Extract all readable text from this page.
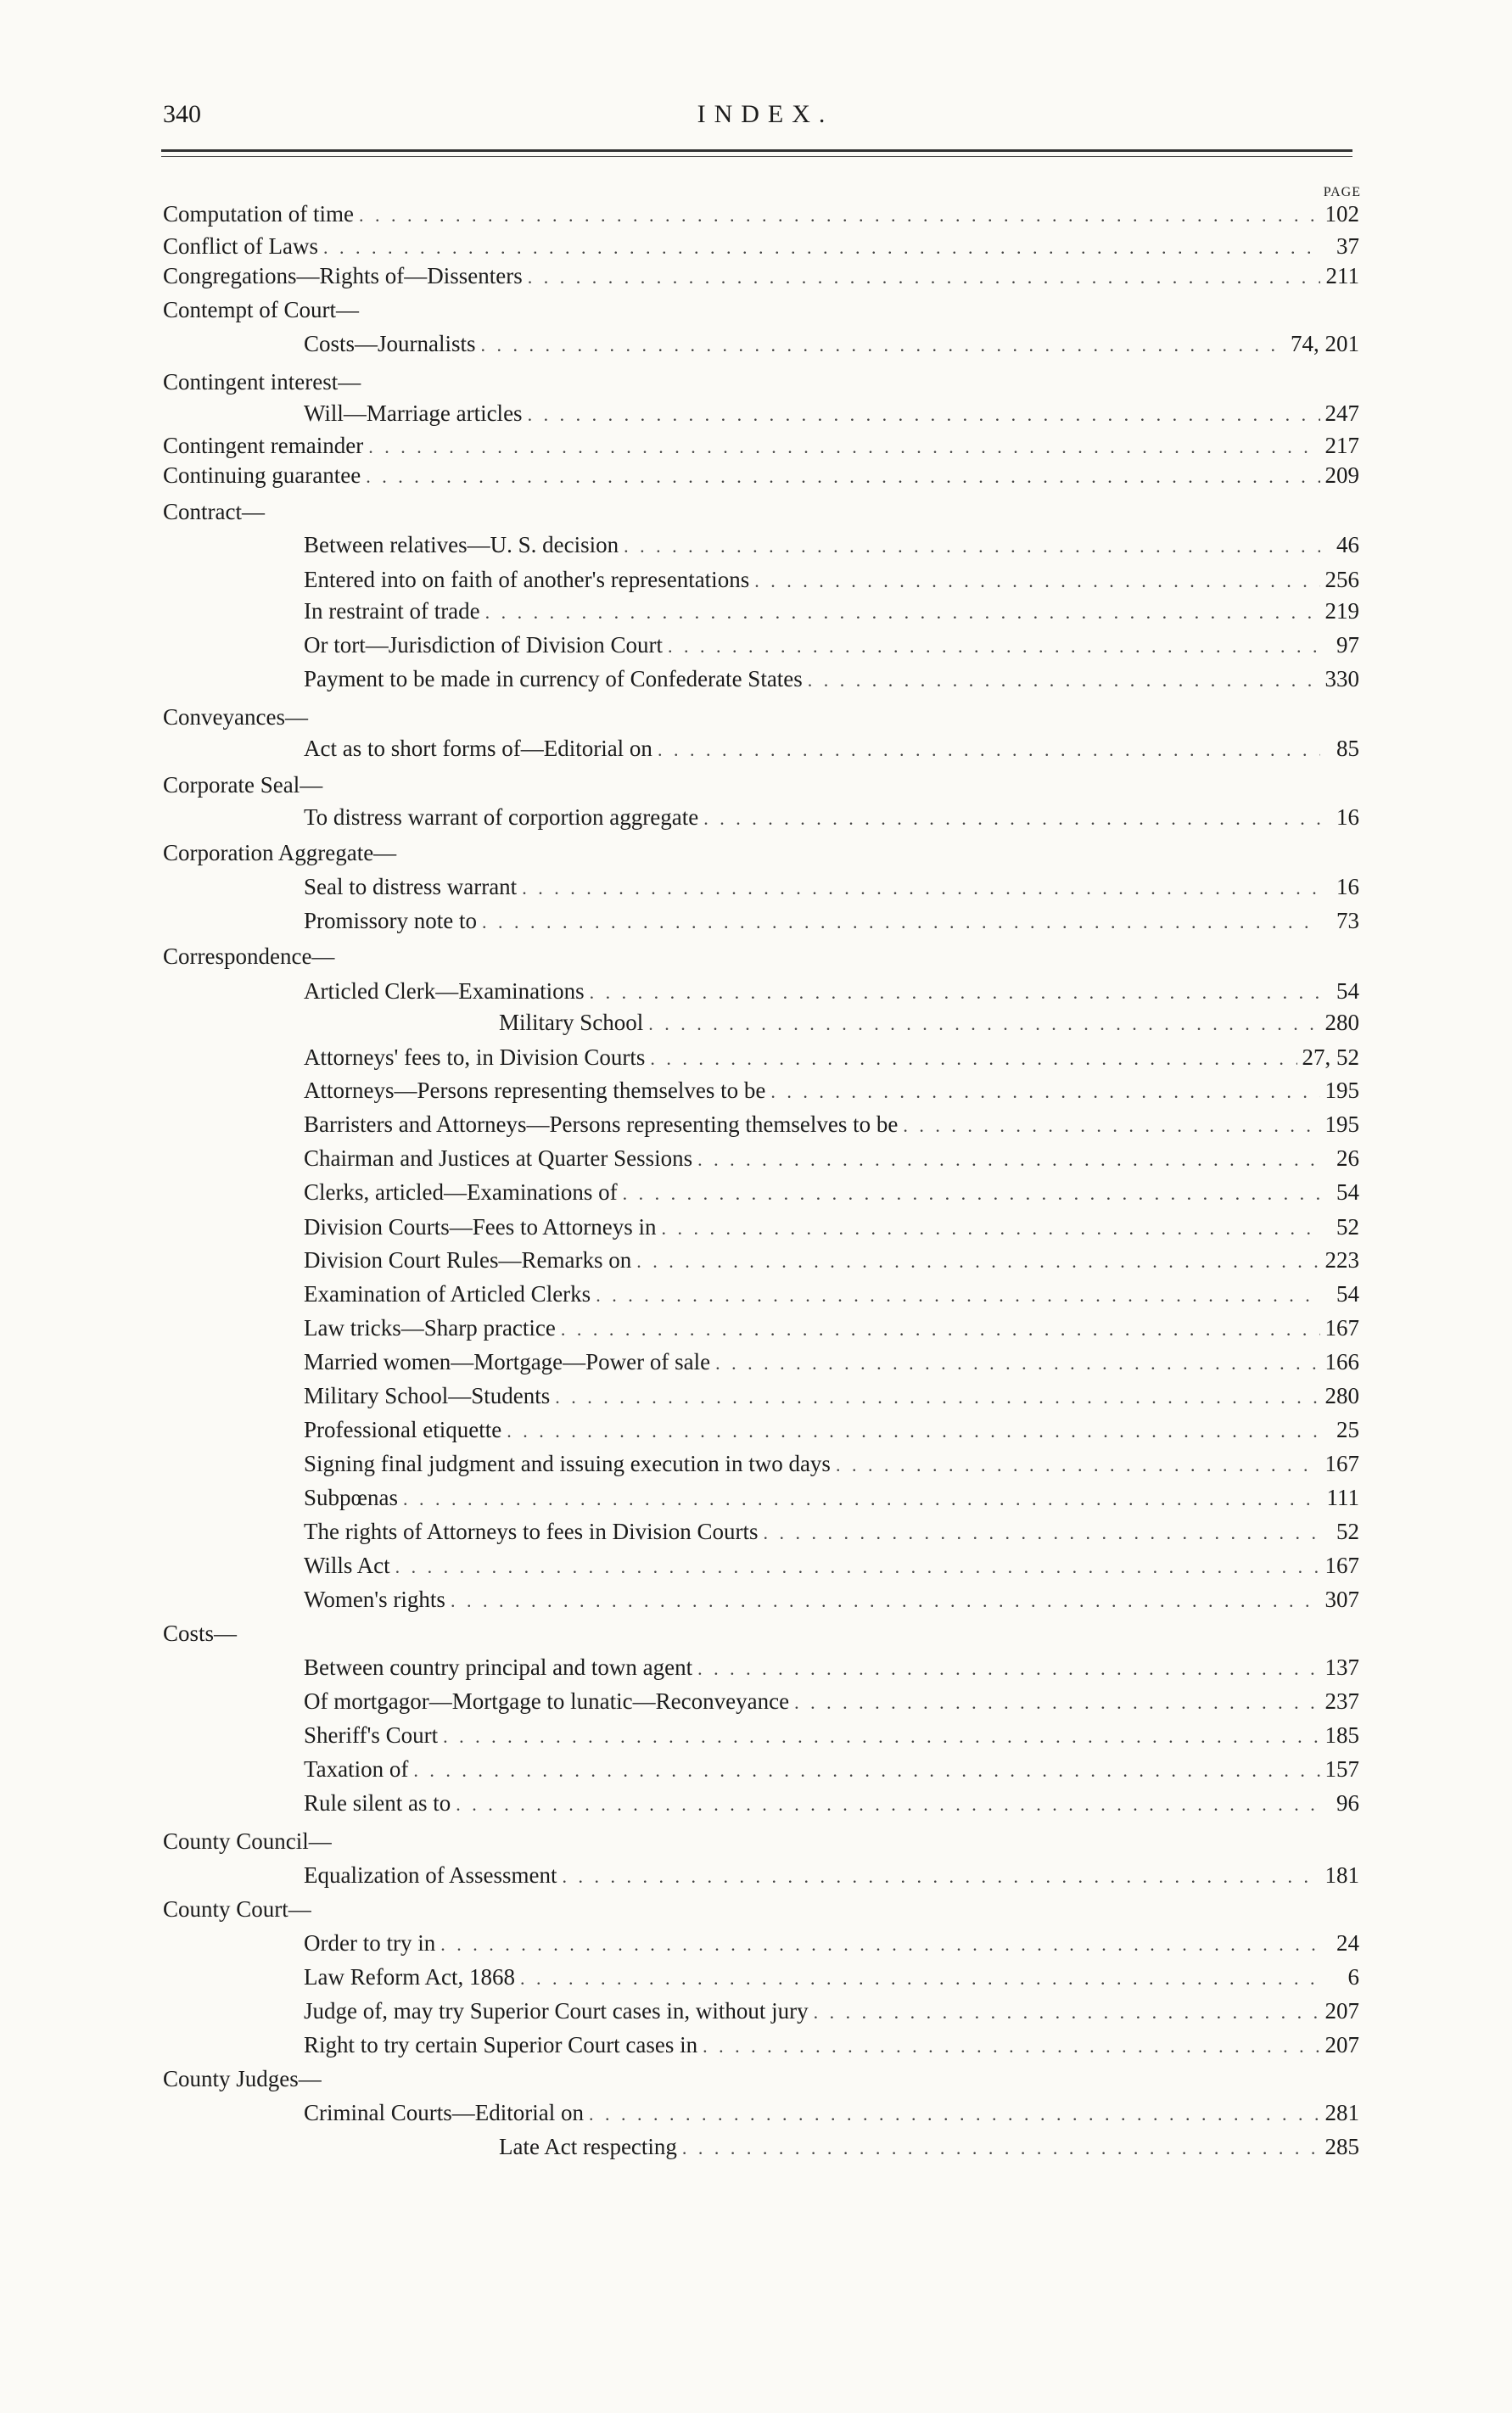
340	INDEX.
PAGE
Computation of time . . .	102
Conflict of Laws . . .	37
Congregations—Rights of—Dissenters . . .	211
Contempt of Court—
Costs—Journalists . . .	74, 201
Contingent interest—
Will—Marriage articles . . .	247
Contingent remainder . . .	217
Continuing guarantee . . .	209
Contract—
Between relatives—U. S. decision . . .	46
Entered into on faith of another's representations . . .	256
In restraint of trade . . .	219
Or tort—Jurisdiction of Division Court . . .	97
Payment to be made in currency of Confederate States . . .	330
Conveyances—
Act as to short forms of—Editorial on . . .	85
Corporate Seal—
To distress warrant of corportion aggregate . . .	16
Corporation Aggregate—
Seal to distress warrant . . .	16
Promissory note to . . .	73
Correspondence—
Articled Clerk—Examinations . . .	54
Military School . . .	280
Attorneys' fees to, in Division Courts . . .	27, 52
Attorneys—Persons representing themselves to be . . .	195
Barristers and Attorneys—Persons representing themselves to be . . .	195
Chairman and Justices at Quarter Sessions . . .	26
Clerks, articled—Examinations of . . .	54
Division Courts—Fees to Attorneys in . . .	52
Division Court Rules—Remarks on . . .	223
Examination of Articled Clerks . . .	54
Law tricks—Sharp practice . . .	167
Married women—Mortgage—Power of sale . . .	166
Military School—Students . . .	280
Professional etiquette . . .	25
Signing final judgment and issuing execution in two days . . .	167
Subpœnas . . .	111
The rights of Attorneys to fees in Division Courts . . .	52
Wills Act . . .	167
Women's rights . . .	307
Costs—
Between country principal and town agent . . .	137
Of mortgagor—Mortgage to lunatic—Reconveyance . . .	237
Sheriff's Court . . .	185
Taxation of . . .	157
Rule silent as to . . .	96
County Council—
Equalization of Assessment . . .	181
County Court—
Order to try in . . .	24
Law Reform Act, 1868 . . .	6
Judge of, may try Superior Court cases in, without jury . . .	207
Right to try certain Superior Court cases in . . .	207
County Judges—
Criminal Courts—Editorial on . . .	281
Late Act respecting . . .	285
